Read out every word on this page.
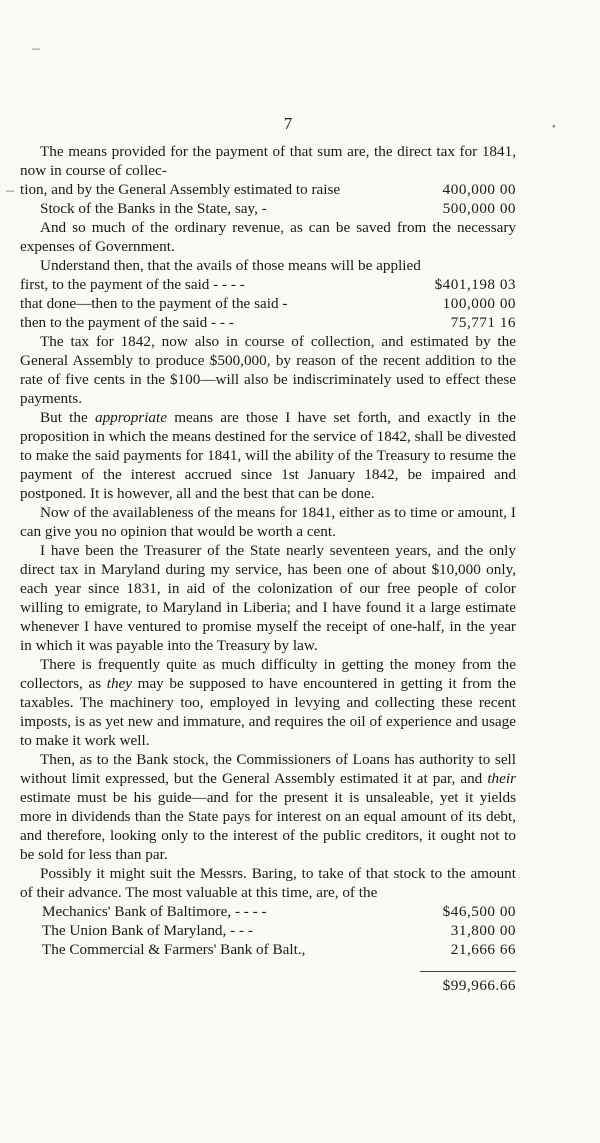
–
–
•
7

The means provided for the payment of that sum are, the direct tax for 1841, now in course of collec-

tion, and by the General Assembly estimated to raise	400,000 00
Stock of the Banks in the State, say, -	500,000 00

And so much of the ordinary revenue, as can be saved from the necessary expenses of Government.

Understand then, that the avails of those means will be applied

first, to the payment of the said - - - -	$401,198 03
that done—then to the payment of the said -	100,000 00
then to the payment of the said - - -	75,771 16

The tax for 1842, now also in course of collection, and estimated by the General Assembly to produce $500,000, by reason of the recent addition to the rate of five cents in the $100—will also be indiscriminately used to effect these payments.

But the appropriate means are those I have set forth, and exactly in the proposition in which the means destined for the service of 1842, shall be divested to make the said payments for 1841, will the ability of the Treasury to resume the payment of the interest accrued since 1st January 1842, be impaired and postponed. It is however, all and the best that can be done.

Now of the availableness of the means for 1841, either as to time or amount, I can give you no opinion that would be worth a cent.

I have been the Treasurer of the State nearly seventeen years, and the only direct tax in Maryland during my service, has been one of about $10,000 only, each year since 1831, in aid of the colonization of our free people of color willing to emigrate, to Maryland in Liberia; and I have found it a large estimate whenever I have ventured to promise myself the receipt of one-half, in the year in which it was payable into the Treasury by law.

There is frequently quite as much difficulty in getting the money from the collectors, as they may be supposed to have encountered in getting it from the taxables. The machinery too, employed in levying and collecting these recent imposts, is as yet new and immature, and requires the oil of experience and usage to make it work well.

Then, as to the Bank stock, the Commissioners of Loans has authority to sell without limit expressed, but the General Assembly estimated it at par, and their estimate must be his guide—and for the present it is unsaleable, yet it yields more in dividends than the State pays for interest on an equal amount of its debt, and therefore, looking only to the interest of the public creditors, it ought not to be sold for less than par.

Possibly it might suit the Messrs. Baring, to take of that stock to the amount of their advance. The most valuable at this time, are, of the

Mechanics' Bank of Baltimore, - - - -	$46,500 00
The Union Bank of Maryland, - - -	31,800 00
The Commercial & Farmers' Bank of Balt.,	21,666 66
$99,966.66
